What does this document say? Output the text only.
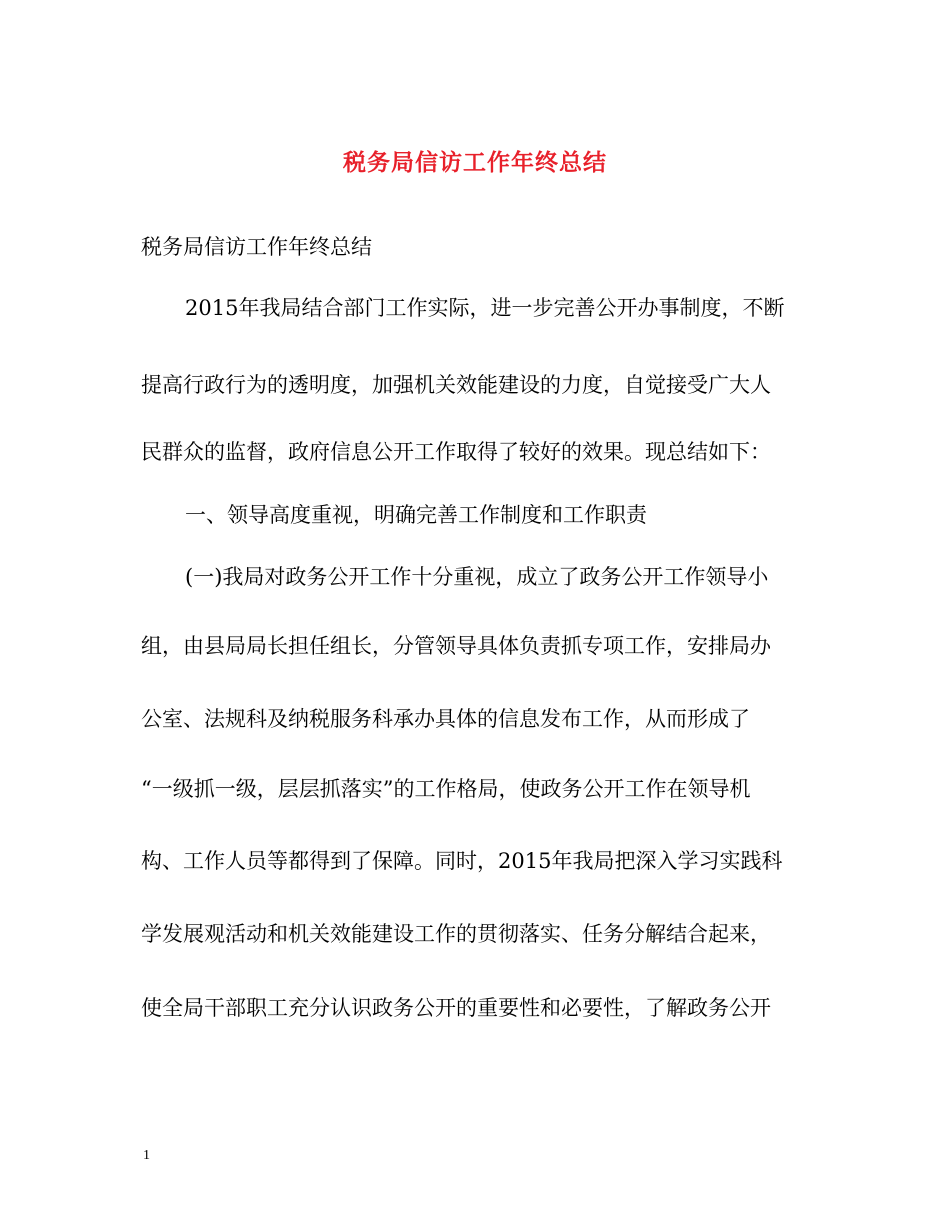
税务局信访工作年终总结
税务局信访工作年终总结
2015年我局结合部门工作实际，进一步完善公开办事制度，不断
提高行政行为的透明度，加强机关效能建设的力度，自觉接受广大人
民群众的监督，政府信息公开工作取得了较好的效果。现总结如下：
一、领导高度重视，明确完善工作制度和工作职责
(一)我局对政务公开工作十分重视，成立了政务公开工作领导小
组，由县局局长担任组长，分管领导具体负责抓专项工作，安排局办
公室、法规科及纳税服务科承办具体的信息发布工作，从而形成了
“一级抓一级，层层抓落实”的工作格局，使政务公开工作在领导机
构、工作人员等都得到了保障。同时，2015年我局把深入学习实践科
学发展观活动和机关效能建设工作的贯彻落实、任务分解结合起来，
使全局干部职工充分认识政务公开的重要性和必要性，了解政务公开
1
